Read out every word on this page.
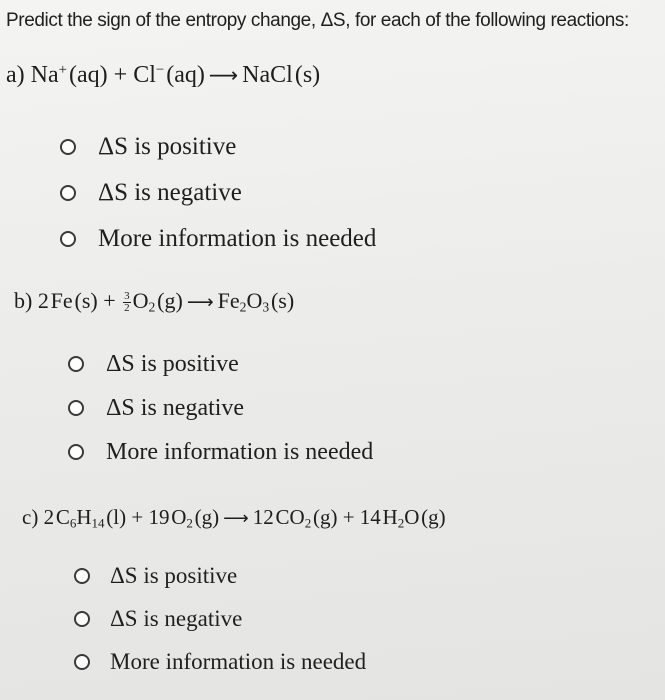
Predict the sign of the entropy change, ΔS, for each of the following reactions:
a) Na+ (aq) + Cl− (aq) ⟶ NaCl (s)
ΔS is positive
ΔS is negative
More information is needed
b) 2 Fe $(s) + \frac{3}{2} O_2$ (g) ⟶ $Fe_2O_3$ (s)
ΔS is positive
ΔS is negative
More information is needed
c) 2 $C_6H_{14}$ (l) + 19 $O_2$ (g) ⟶ 12 $CO_2$ (g) + 14 $H_2O$ (g)
ΔS is positive
ΔS is negative
More information is needed
